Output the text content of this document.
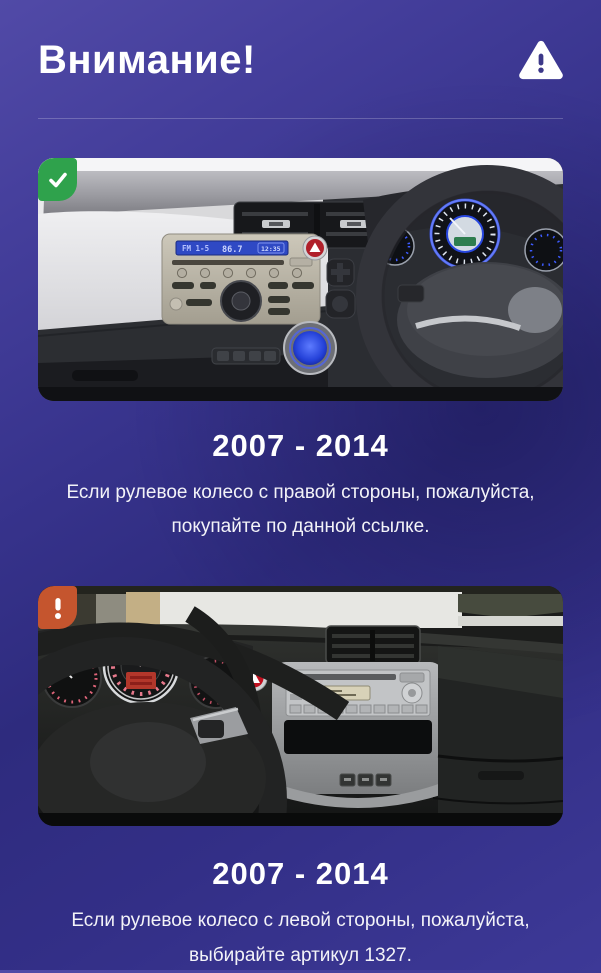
Внимание!
FM 1-5 86.7	12:35
2007 - 2014

Если рулевое колесо с правой стороны, пожалуйста,
покупайте по данной ссылке.

2007 - 2014

Если рулевое колесо с левой стороны, пожалуйста,
выбирайте артикул 1327.
